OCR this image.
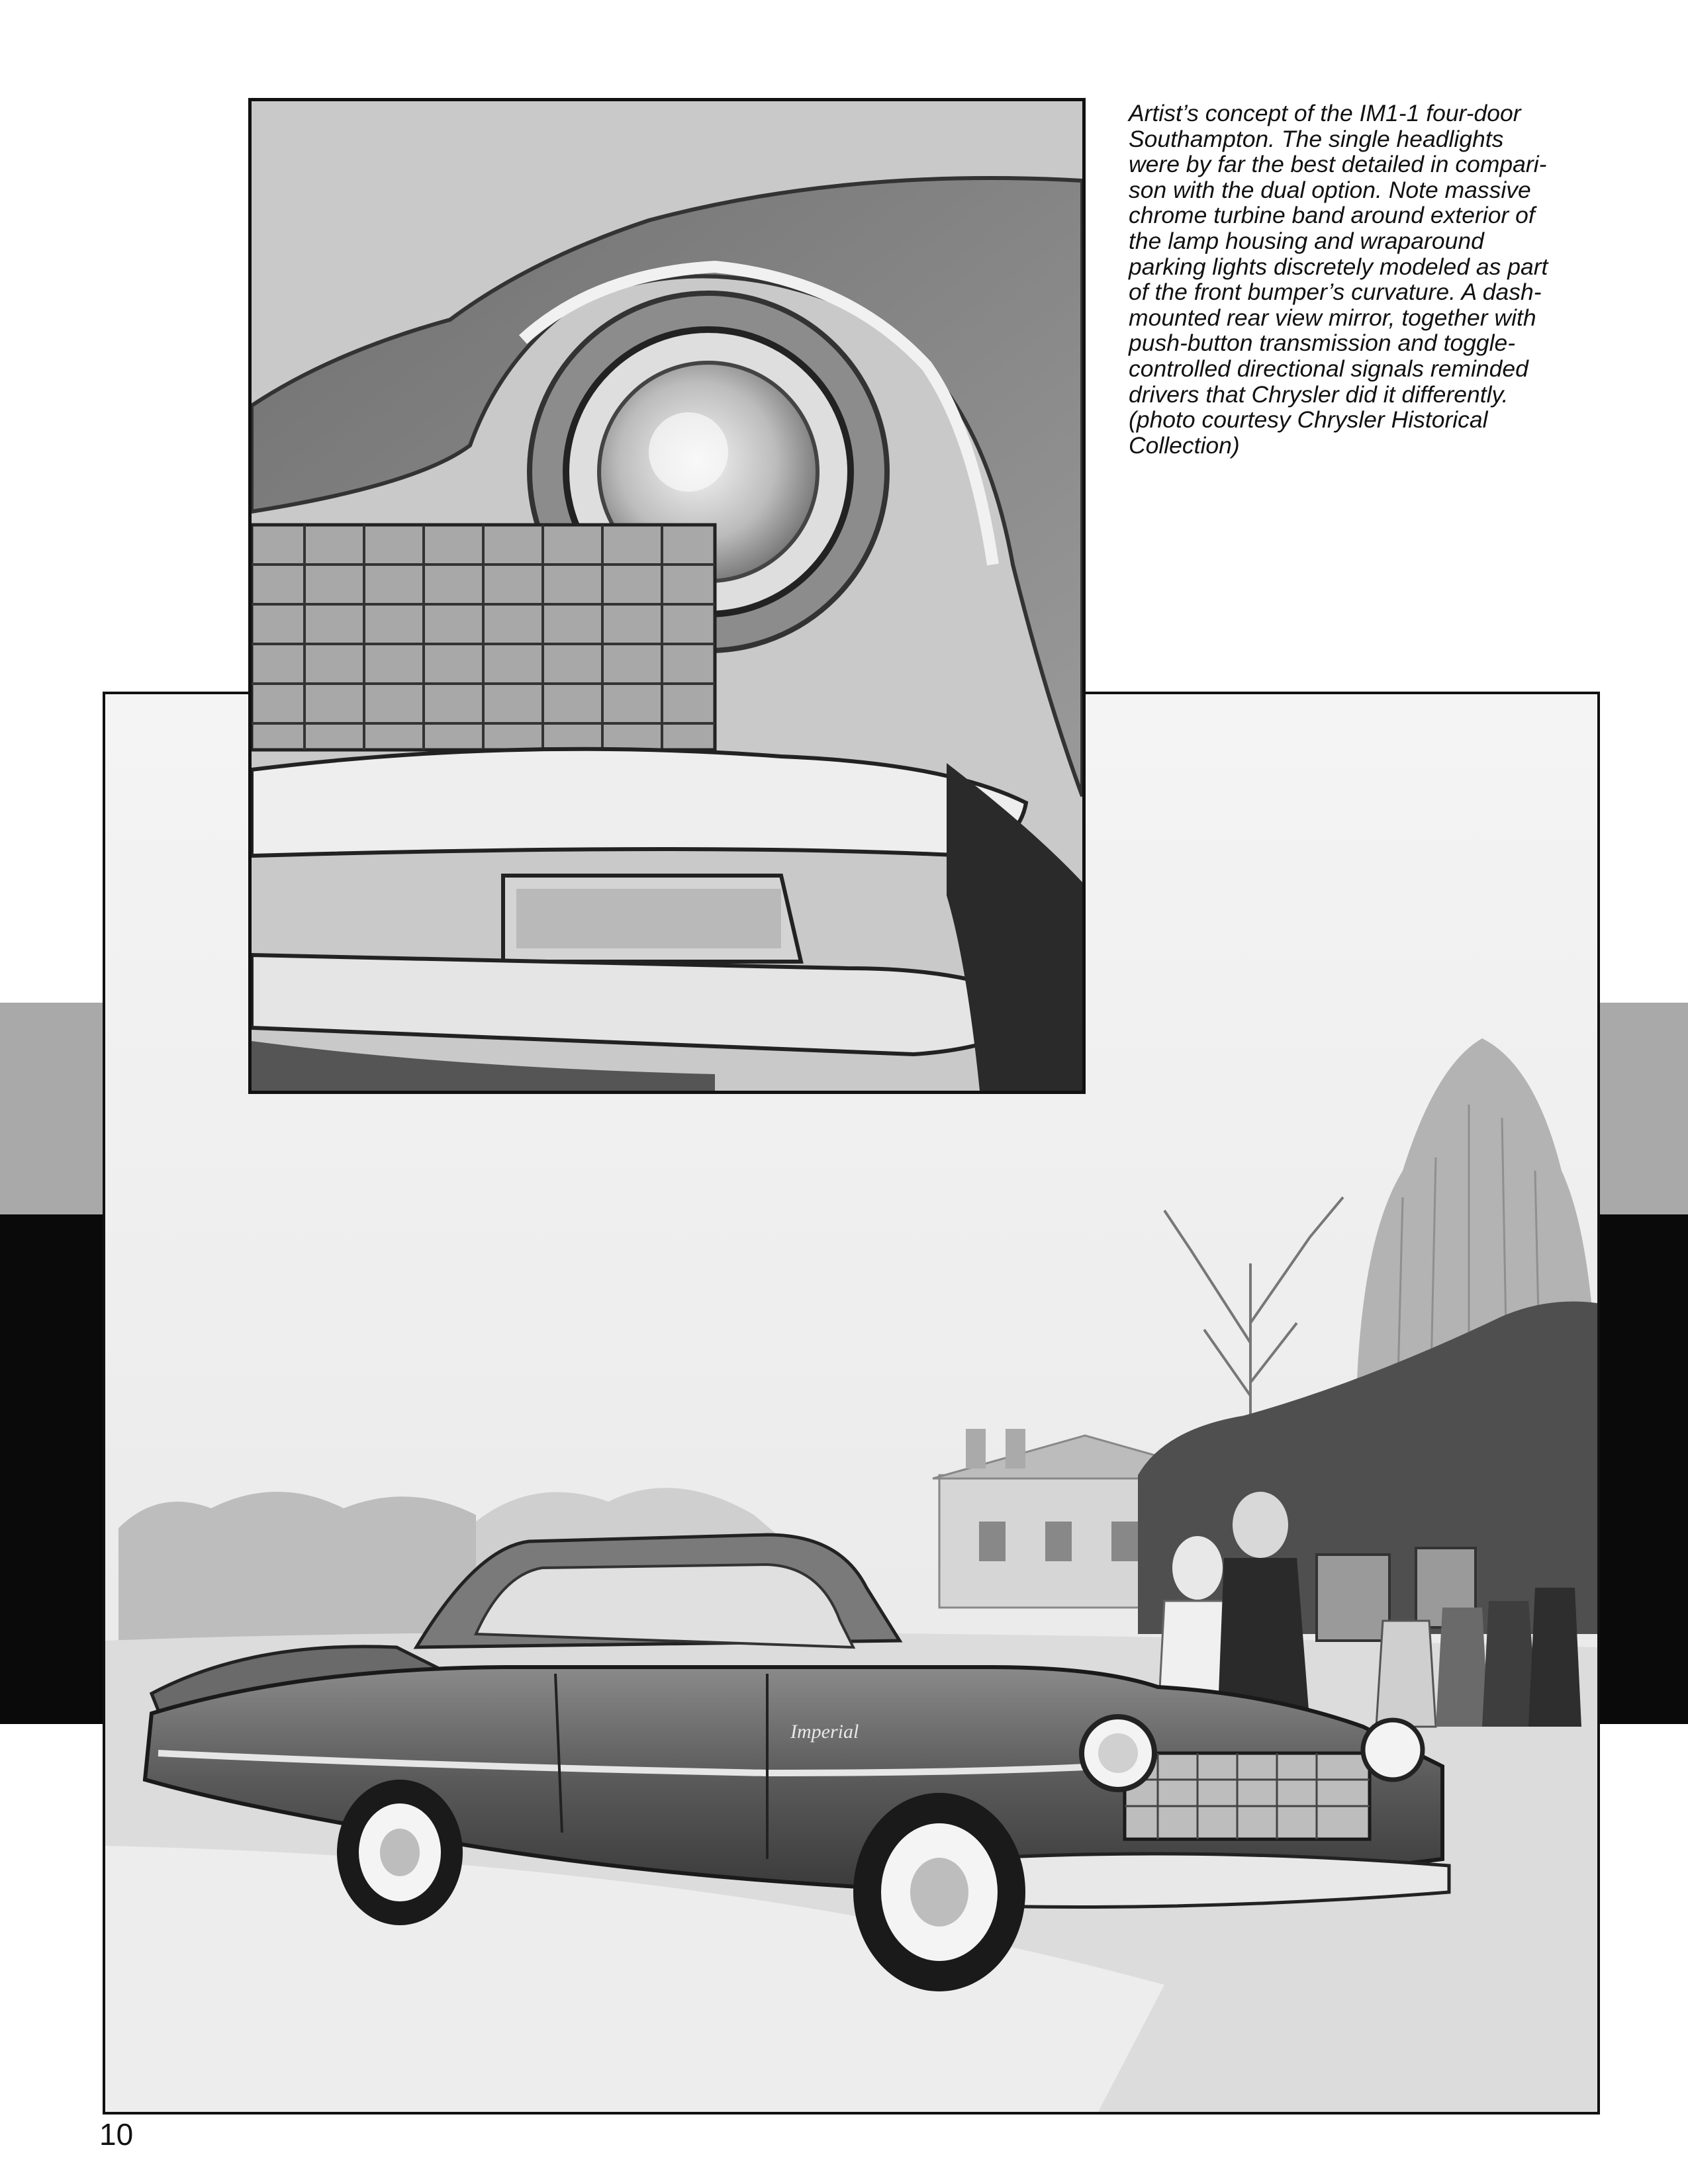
Imperial
Artist’s concept of the IM1-1 four-door
Southampton. The single headlights
were by far the best detailed in compari-
son with the dual option. Note massive
chrome turbine band around exterior of
the lamp housing and wraparound
parking lights discretely modeled as part
of the front bumper’s curvature. A dash-
mounted rear view mirror, together with
push-button transmission and toggle-
controlled directional signals reminded
drivers that Chrysler did it differently.
(photo courtesy Chrysler Historical
Collection)
10
